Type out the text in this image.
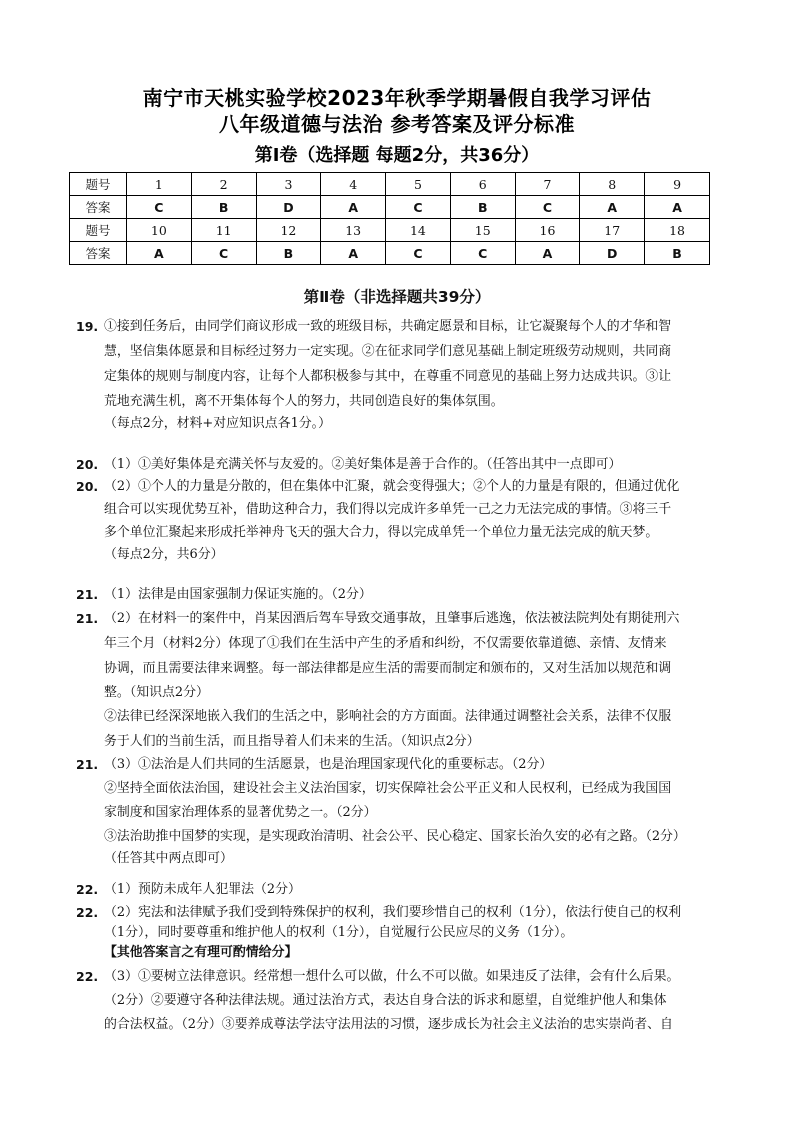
南宁市天桃实验学校2023年秋季学期暑假自我学习评估
八年级道德与法治 参考答案及评分标准
第Ⅰ卷（选择题 每题2分，共36分）
题号	1	2	3	4	5	6	7	8	9
答案	C	B	D	A	C	B	C	A	A
题号	10	11	12	13	14	15	16	17	18
答案	A	C	B	A	C	C	A	D	B
第Ⅱ卷（非选择题共39分）
19. ①接到任务后，由同学们商议形成一致的班级目标，共确定愿景和目标，让它凝聚每个人的才华和智
慧，坚信集体愿景和目标经过努力一定实现。②在征求同学们意见基础上制定班级劳动规则，共同商
定集体的规则与制度内容，让每个人都积极参与其中，在尊重不同意见的基础上努力达成共识。③让
荒地充满生机，离不开集体每个人的努力，共同创造良好的集体氛围。
（每点2分，材料+对应知识点各1分。）
20. （1）①美好集体是充满关怀与友爱的。②美好集体是善于合作的。（任答出其中一点即可）
20. （2）①个人的力量是分散的，但在集体中汇聚，就会变得强大；②个人的力量是有限的，但通过优化
组合可以实现优势互补，借助这种合力，我们得以完成许多单凭一己之力无法完成的事情。③将三千
多个单位汇聚起来形成托举神舟飞天的强大合力，得以完成单凭一个单位力量无法完成的航天梦。
（每点2分，共6分）
21. （1）法律是由国家强制力保证实施的。（2分）
21. （2）在材料一的案件中，肖某因酒后驾车导致交通事故，且肇事后逃逸，依法被法院判处有期徒刑六
年三个月（材料2分）体现了①我们在生活中产生的矛盾和纠纷，不仅需要依靠道德、亲情、友情来
协调，而且需要法律来调整。每一部法律都是应生活的需要而制定和颁布的，又对生活加以规范和调
整。（知识点2分）
②法律已经深深地嵌入我们的生活之中，影响社会的方方面面。法律通过调整社会关系，法律不仅服
务于人们的当前生活，而且指导着人们未来的生活。（知识点2分）
21. （3）①法治是人们共同的生活愿景，也是治理国家现代化的重要标志。（2分）
②坚持全面依法治国，建设社会主义法治国家，切实保障社会公平正义和人民权利，已经成为我国国
家制度和国家治理体系的显著优势之一。（2分）
③法治助推中国梦的实现，是实现政治清明、社会公平、民心稳定、国家长治久安的必有之路。（2分）
（任答其中两点即可）
22. （1）预防未成年人犯罪法（2分）
22. （2）宪法和法律赋予我们受到特殊保护的权利，我们要珍惜自己的权利（1分），依法行使自己的权利
（1分），同时要尊重和维护他人的权利（1分），自觉履行公民应尽的义务（1分）。
【其他答案言之有理可酌情给分】
22. （3）①要树立法律意识。经常想一想什么可以做，什么不可以做。如果违反了法律，会有什么后果。
（2分）②要遵守各种法律法规。通过法治方式，表达自身合法的诉求和愿望，自觉维护他人和集体
的合法权益。（2分）③要养成尊法学法守法用法的习惯，逐步成长为社会主义法治的忠实崇尚者、自
